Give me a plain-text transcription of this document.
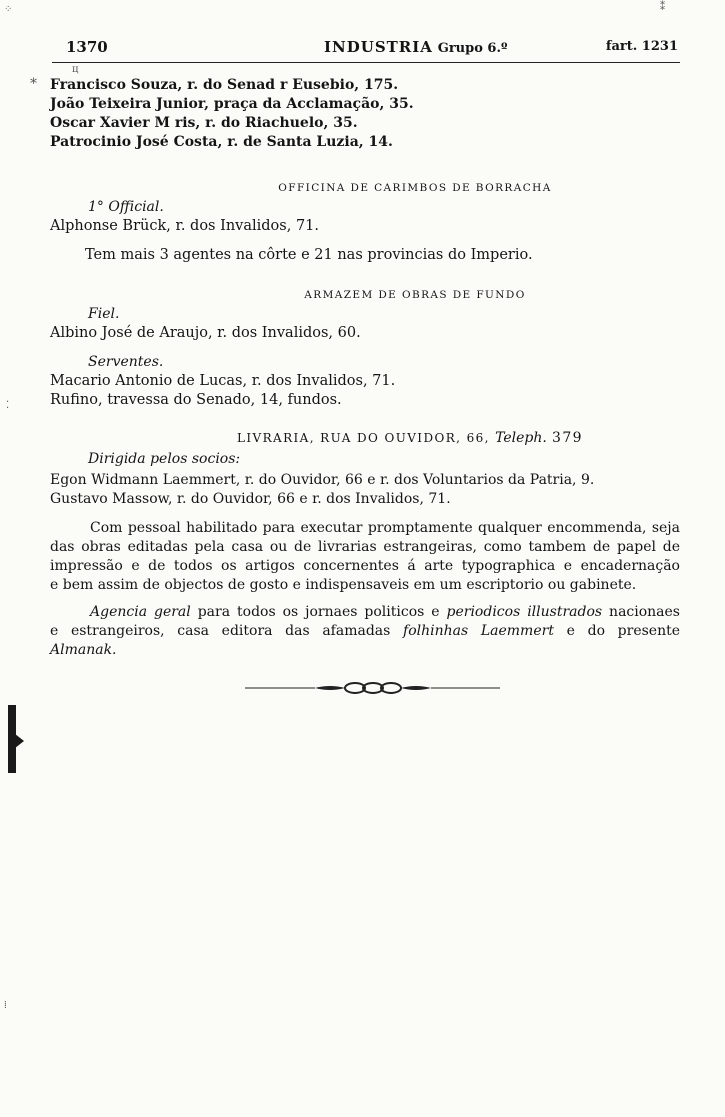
1370	INDUSTRIA Grupo 6.º	fart. 1231
Francisco Souza, r. do Senad r Eusebio, 175.
João Teixeira Junior, praça da Acclamação, 35.
Oscar Xavier M ris, r. do Riachuelo, 35.
Patrocinio José Costa, r. de Santa Luzia, 14.
OFFICINA DE CARIMBOS DE BORRACHA
1° Official.
Alphonse Brück, r. dos Invalidos, 71.
Tem mais 3 agentes na côrte e 21 nas provincias do Imperio.
ARMAZEM DE OBRAS DE FUNDO
Fiel.
Albino José de Araujo, r. dos Invalidos, 60.
Serventes.
Macario Antonio de Lucas, r. dos Invalidos, 71.
Rufino, travessa do Senado, 14, fundos.
LIVRARIA, RUA DO OUVIDOR, 66, Teleph. 379
Dirigida pelos socios:
Egon Widmann Laemmert, r. do Ouvidor, 66 e r. dos Voluntarios da Patria, 9.
Gustavo Massow, r. do Ouvidor, 66 e r. dos Invalidos, 71.
Com pessoal habilitado para executar promptamente qualquer encommenda, seja
das obras editadas pela casa ou de livrarias estrangeiras, como tambem de papel de
impressão e de todos os artigos concernentes á arte typographica e encadernação
e bem assim de objectos de gosto e indispensaveis em um escriptorio ou gabinete.
Agencia geral para todos os jornaes politicos e periodicos illustrados nacionaes
e estrangeiros, casa editora das afamadas folhinhas Laemmert e do presente
Almanak.
*
ц
⁑
⁘
⁚
⁞
